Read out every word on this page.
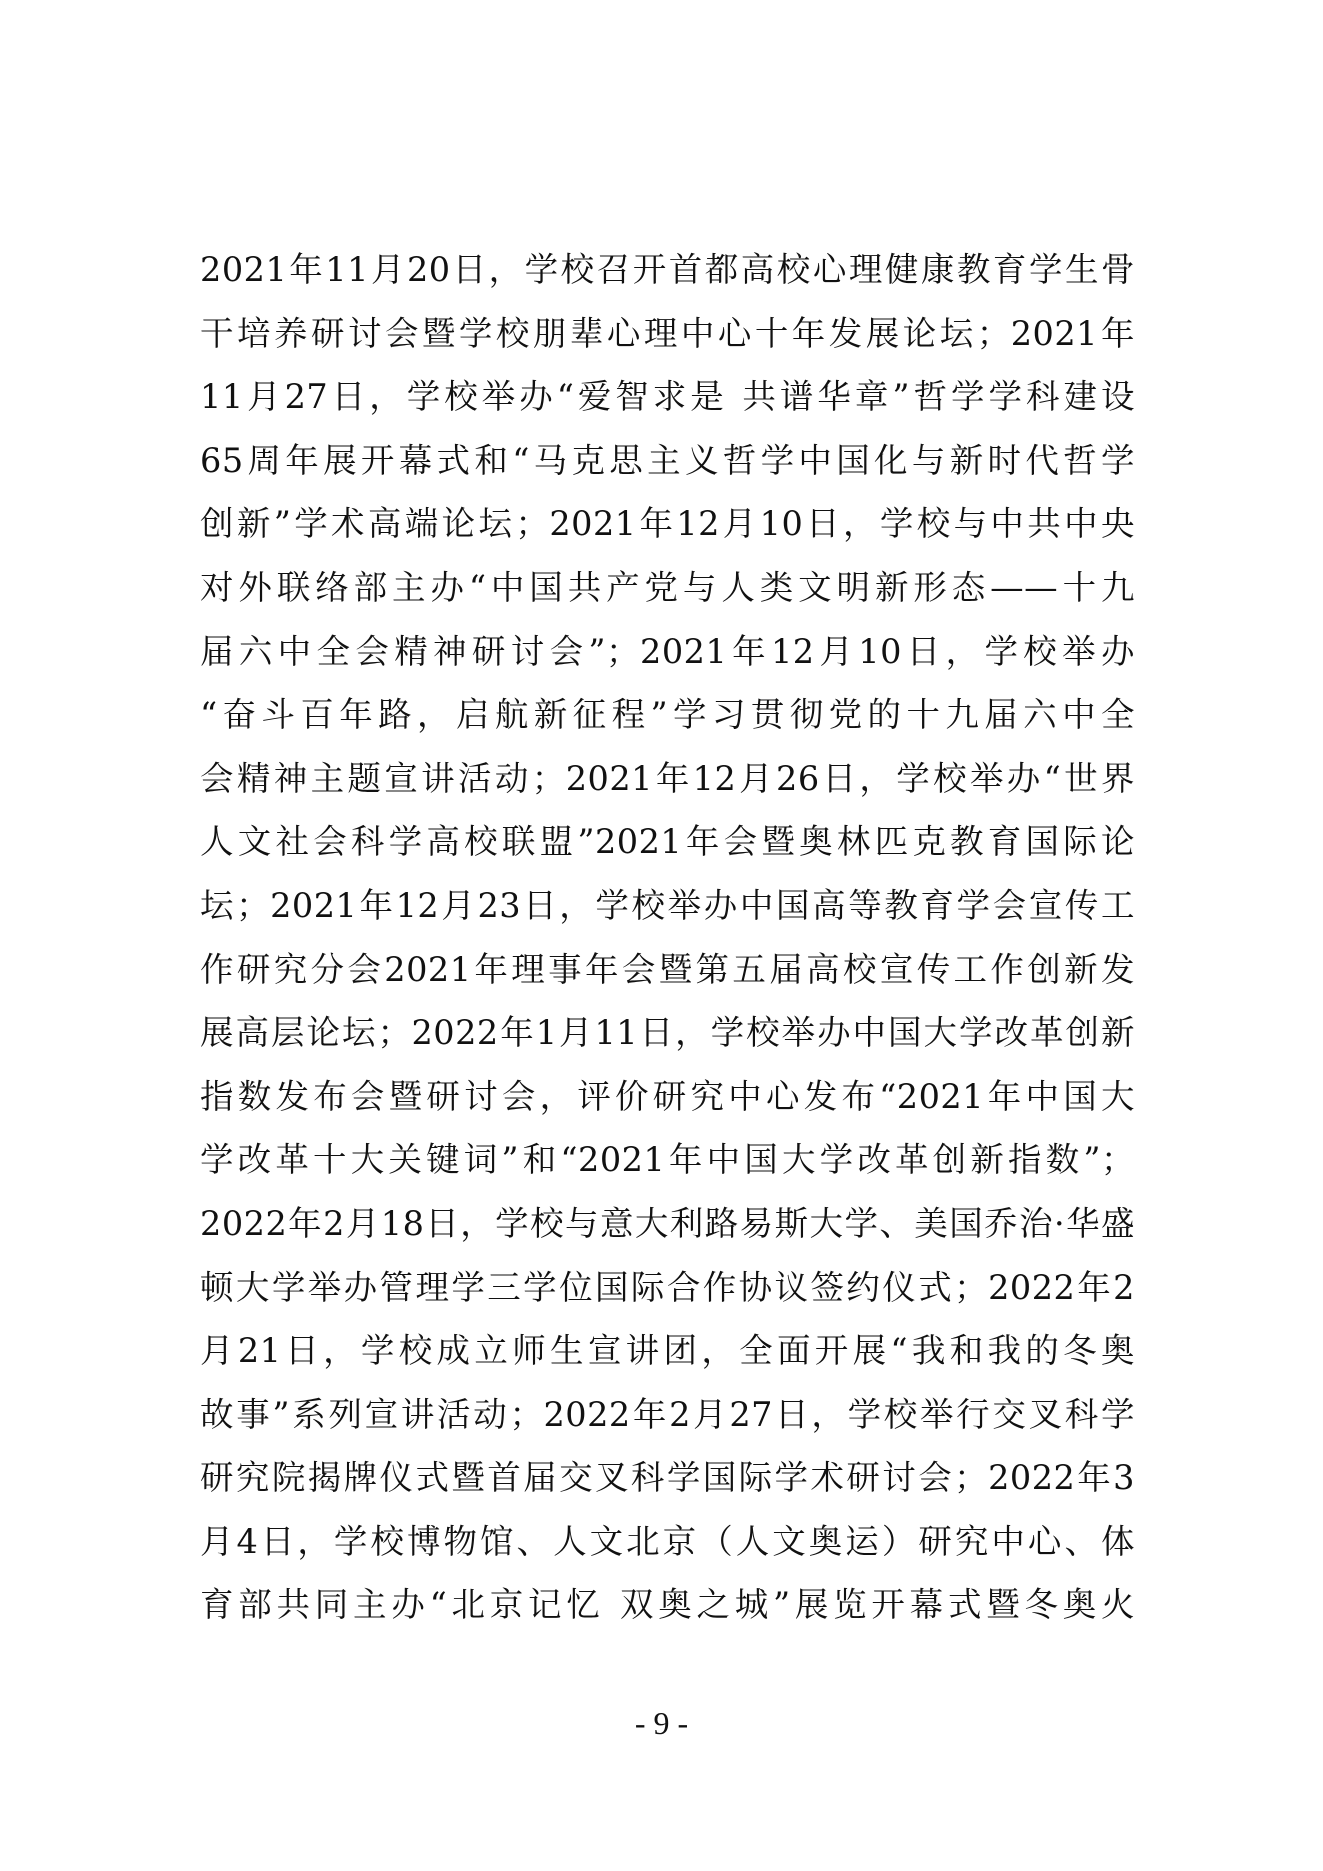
2021年11月20日，学校召开首都高校心理健康教育学生骨
干培养研讨会暨学校朋辈心理中心十年发展论坛；2021年
11月27日，学校举办“爱智求是 共谱华章”哲学学科建设
65周年展开幕式和“马克思主义哲学中国化与新时代哲学
创新”学术高端论坛；2021年12月10日，学校与中共中央
对外联络部主办“中国共产党与人类文明新形态——十九
届六中全会精神研讨会”；2021年12月10日，学校举办
“奋斗百年路，启航新征程”学习贯彻党的十九届六中全
会精神主题宣讲活动；2021年12月26日，学校举办“世界
人文社会科学高校联盟”2021年会暨奥林匹克教育国际论
坛；2021年12月23日，学校举办中国高等教育学会宣传工
作研究分会2021年理事年会暨第五届高校宣传工作创新发
展高层论坛；2022年1月11日，学校举办中国大学改革创新
指数发布会暨研讨会，评价研究中心发布“2021年中国大
学改革十大关键词”和“2021年中国大学改革创新指数”；
2022年2月18日，学校与意大利路易斯大学、美国乔治·华盛
顿大学举办管理学三学位国际合作协议签约仪式；2022年2
月21日，学校成立师生宣讲团，全面开展“我和我的冬奥
故事”系列宣讲活动；2022年2月27日，学校举行交叉科学
研究院揭牌仪式暨首届交叉科学国际学术研讨会；2022年3
月4日，学校博物馆、人文北京（人文奥运）研究中心、体
育部共同主办“北京记忆 双奥之城”展览开幕式暨冬奥火
- 9 -
